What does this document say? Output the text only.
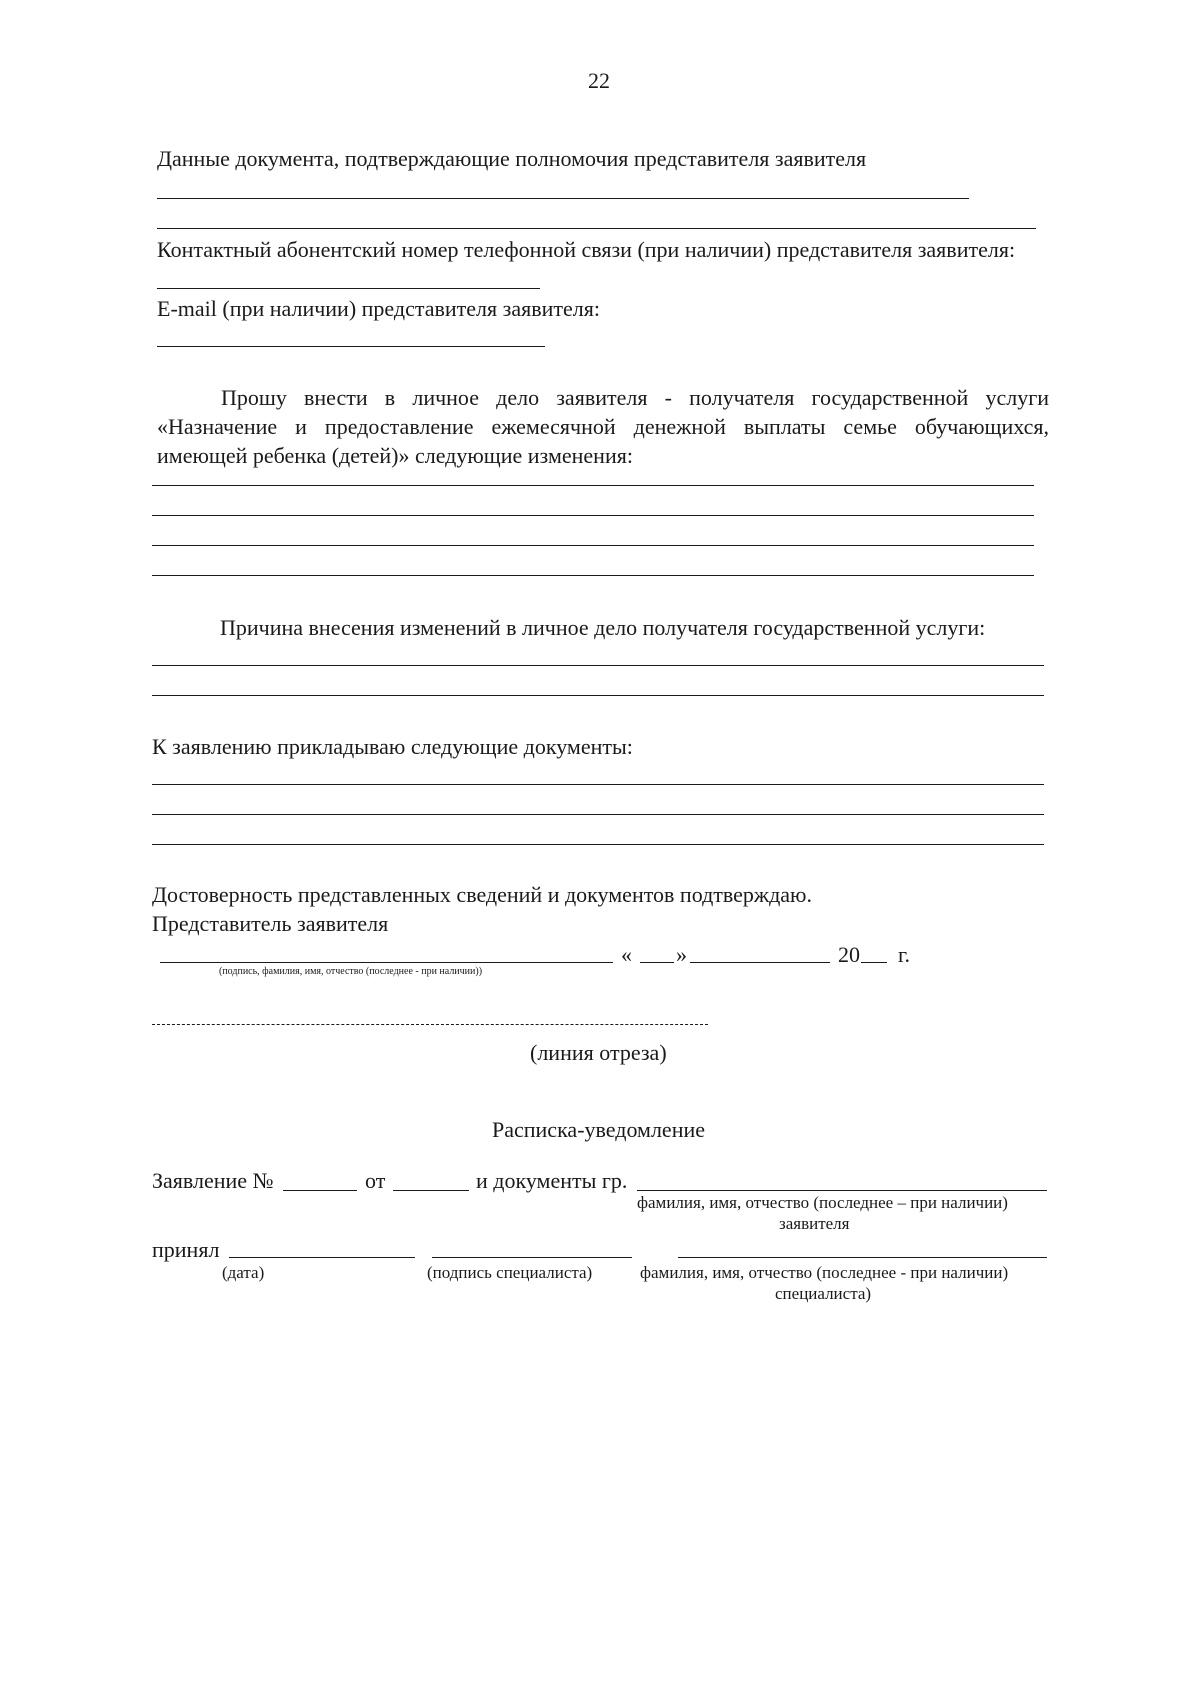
22
Данные документа, подтверждающие полномочия представителя заявителя
Контактный абонентский номер телефонной связи (при наличии) представителя заявителя:
E-mail (при наличии) представителя заявителя:
Прошу внести в личное дело заявителя - получателя государственной услуги
«Назначение и предоставление ежемесячной денежной выплаты семье обучающихся,
имеющей ребенка (детей)» следующие изменения:
Причина внесения изменений в личное дело получателя государственной услуги:
К заявлению прикладываю следующие документы:
Достоверность представленных сведений и документов подтверждаю.
Представитель заявителя
« »	20 г.
(подпись, фамилия, имя, отчество (последнее - при наличии))
(линия отреза)
Расписка-уведомление
Заявление №	от	и документы гр.
фамилия, имя, отчество (последнее – при наличии)
заявителя
принял
(дата)	(подпись специалиста)	фамилия, имя, отчество (последнее - при наличии)
специалиста)
